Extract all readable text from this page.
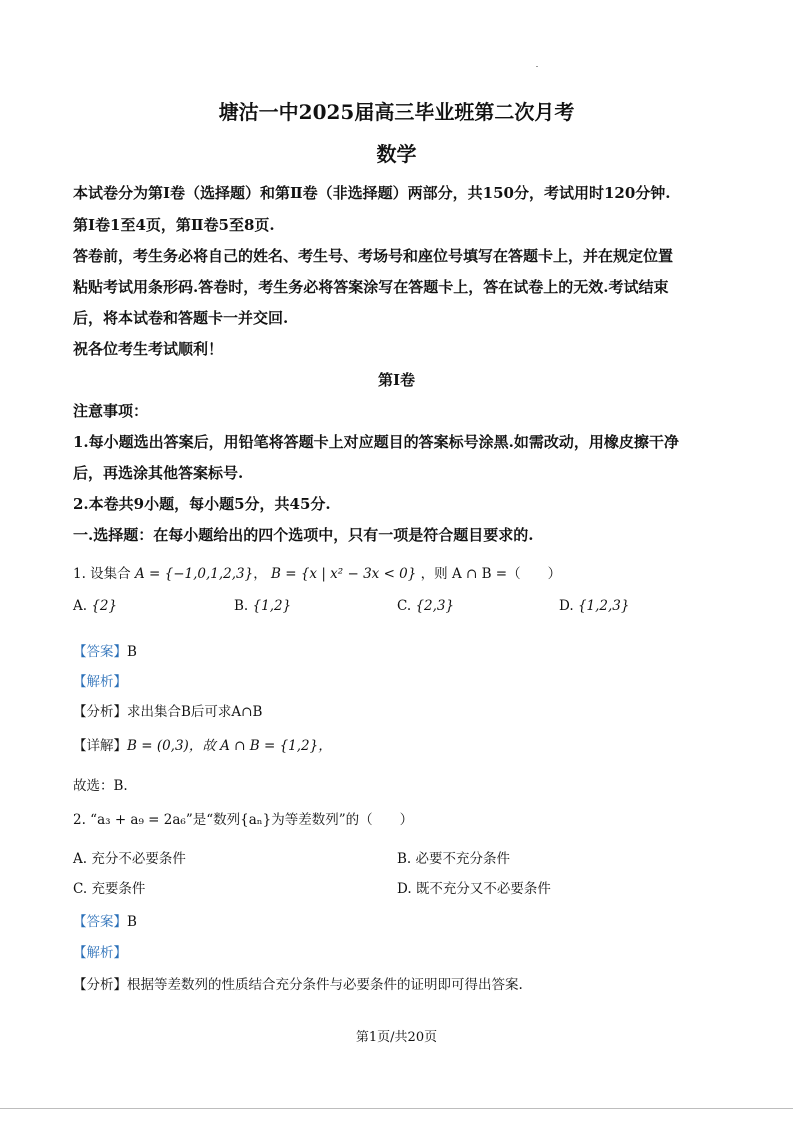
塘沽一中2025届高三毕业班第二次月考
数学
本试卷分为第Ⅰ卷（选择题）和第Ⅱ卷（非选择题）两部分，共150分，考试用时120分钟.
第Ⅰ卷1至4页，第Ⅱ卷5至8页.
答卷前，考生务必将自己的姓名、考生号、考场号和座位号填写在答题卡上，并在规定位置
粘贴考试用条形码.答卷时，考生务必将答案涂写在答题卡上，答在试卷上的无效.考试结束
后，将本试卷和答题卡一并交回.
祝各位考生考试顺利！
第Ⅰ卷
注意事项：
1.每小题选出答案后，用铅笔将答题卡上对应题目的答案标号涂黑.如需改动，用橡皮擦干净
后，再选涂其他答案标号.
2.本卷共9小题，每小题5分，共45分.
一.选择题：在每小题给出的四个选项中，只有一项是符合题目要求的.
1. 设集合 A = {−1,0,1,2,3}， B = {x | x² − 3x < 0} ，则 A ∩ B =（　　）
A. {2}	B. {1,2}	C. {2,3}	D. {1,2,3}
【答案】B
【解析】
【分析】求出集合B后可求A∩B
【详解】B = (0,3)，故 A ∩ B = {1,2}，
故选：B.
2. “a₃ + a₉ = 2a₆”是“数列{aₙ}为等差数列”的（　　）
A. 充分不必要条件	B. 必要不充分条件
C. 充要条件	D. 既不充分又不必要条件
【答案】B
【解析】
【分析】根据等差数列的性质结合充分条件与必要条件的证明即可得出答案.
第1页/共20页
